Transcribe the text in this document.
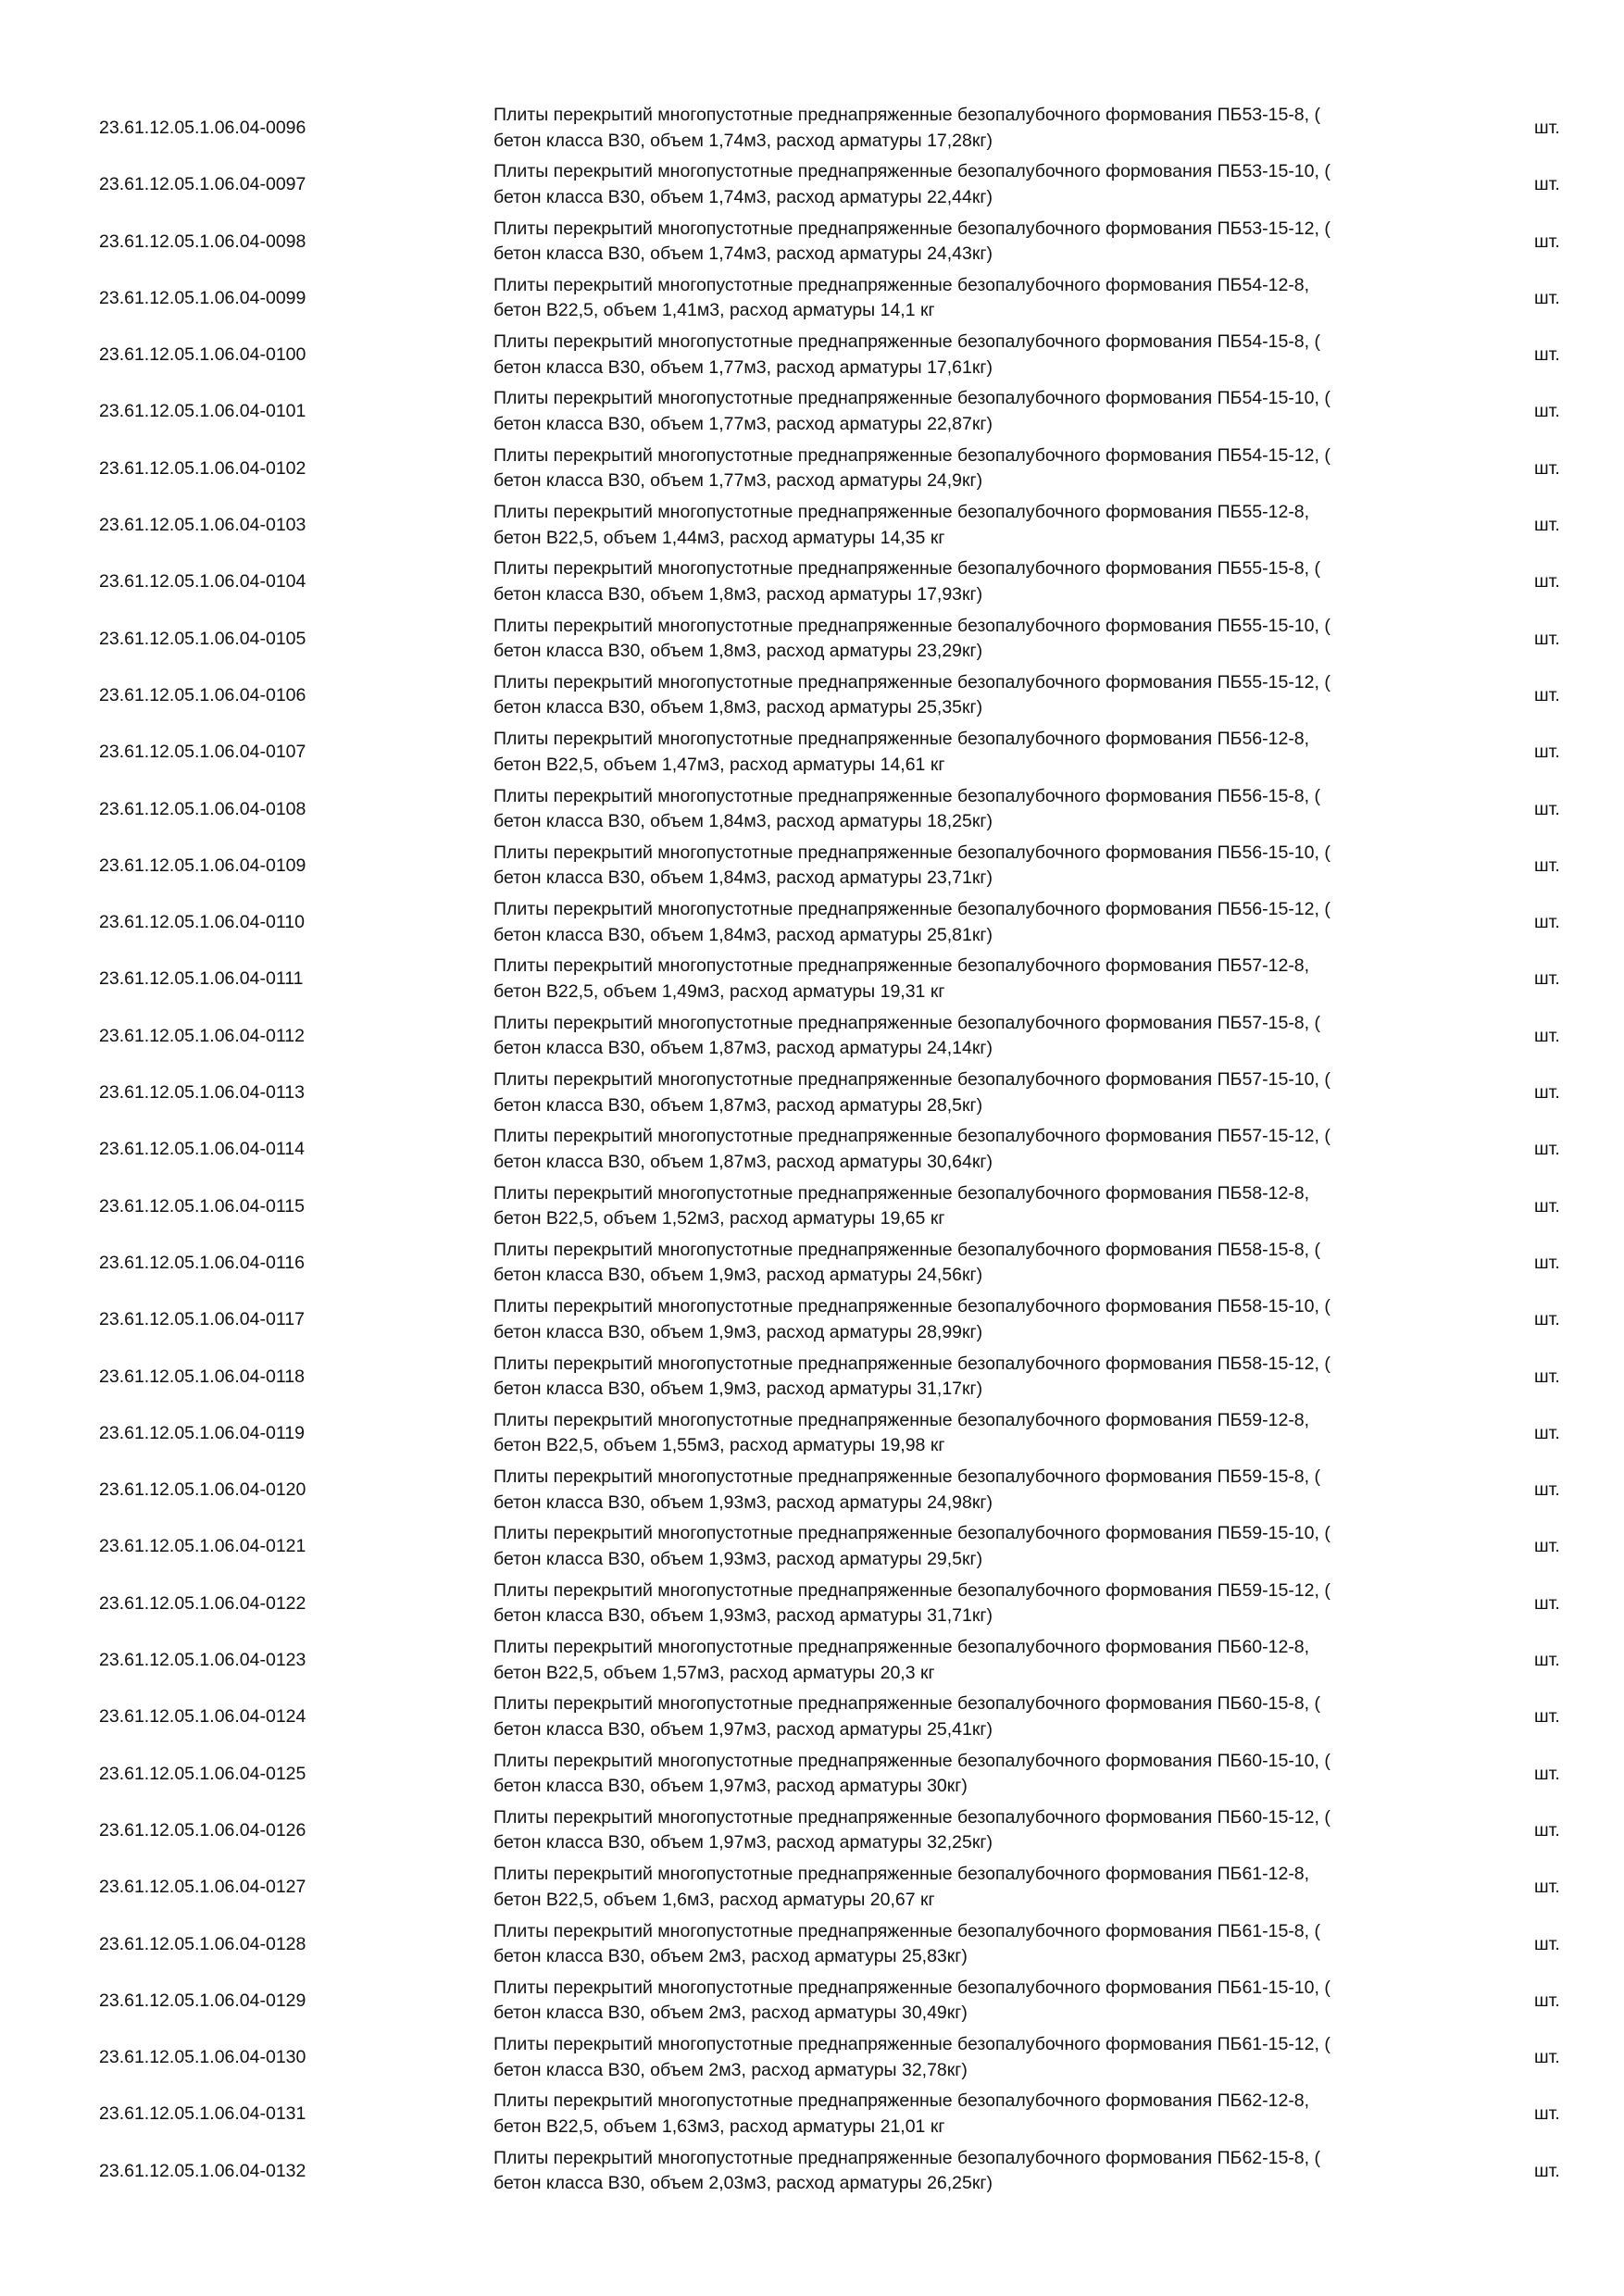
23.61.12.05.1.06.04-0096
Плиты перекрытий многопустотные преднапряженные безопалубочного формования ПБ53-15-8, (
бетон класса В30, объем 1,74м3, расход арматуры 17,28кг)
шт.
23.61.12.05.1.06.04-0097
Плиты перекрытий многопустотные преднапряженные безопалубочного формования ПБ53-15-10, (
бетон класса В30, объем 1,74м3, расход арматуры 22,44кг)
шт.
23.61.12.05.1.06.04-0098
Плиты перекрытий многопустотные преднапряженные безопалубочного формования ПБ53-15-12, (
бетон класса В30, объем 1,74м3, расход арматуры 24,43кг)
шт.
23.61.12.05.1.06.04-0099
Плиты перекрытий многопустотные преднапряженные безопалубочного формования ПБ54-12-8,
бетон В22,5, объем 1,41м3, расход арматуры 14,1 кг
шт.
23.61.12.05.1.06.04-0100
Плиты перекрытий многопустотные преднапряженные безопалубочного формования ПБ54-15-8, (
бетон класса В30, объем 1,77м3, расход арматуры 17,61кг)
шт.
23.61.12.05.1.06.04-0101
Плиты перекрытий многопустотные преднапряженные безопалубочного формования ПБ54-15-10, (
бетон класса В30, объем 1,77м3, расход арматуры 22,87кг)
шт.
23.61.12.05.1.06.04-0102
Плиты перекрытий многопустотные преднапряженные безопалубочного формования ПБ54-15-12, (
бетон класса В30, объем 1,77м3, расход арматуры 24,9кг)
шт.
23.61.12.05.1.06.04-0103
Плиты перекрытий многопустотные преднапряженные безопалубочного формования ПБ55-12-8,
бетон В22,5, объем 1,44м3, расход арматуры 14,35 кг
шт.
23.61.12.05.1.06.04-0104
Плиты перекрытий многопустотные преднапряженные безопалубочного формования ПБ55-15-8, (
бетон класса В30, объем 1,8м3, расход арматуры 17,93кг)
шт.
23.61.12.05.1.06.04-0105
Плиты перекрытий многопустотные преднапряженные безопалубочного формования ПБ55-15-10, (
бетон класса В30, объем 1,8м3, расход арматуры 23,29кг)
шт.
23.61.12.05.1.06.04-0106
Плиты перекрытий многопустотные преднапряженные безопалубочного формования ПБ55-15-12, (
бетон класса В30, объем 1,8м3, расход арматуры 25,35кг)
шт.
23.61.12.05.1.06.04-0107
Плиты перекрытий многопустотные преднапряженные безопалубочного формования ПБ56-12-8,
бетон В22,5, объем 1,47м3, расход арматуры 14,61 кг
шт.
23.61.12.05.1.06.04-0108
Плиты перекрытий многопустотные преднапряженные безопалубочного формования ПБ56-15-8, (
бетон класса В30, объем 1,84м3, расход арматуры 18,25кг)
шт.
23.61.12.05.1.06.04-0109
Плиты перекрытий многопустотные преднапряженные безопалубочного формования ПБ56-15-10, (
бетон класса В30, объем 1,84м3, расход арматуры 23,71кг)
шт.
23.61.12.05.1.06.04-0110
Плиты перекрытий многопустотные преднапряженные безопалубочного формования ПБ56-15-12, (
бетон класса В30, объем 1,84м3, расход арматуры 25,81кг)
шт.
23.61.12.05.1.06.04-0111
Плиты перекрытий многопустотные преднапряженные безопалубочного формования ПБ57-12-8,
бетон В22,5, объем 1,49м3, расход арматуры 19,31 кг
шт.
23.61.12.05.1.06.04-0112
Плиты перекрытий многопустотные преднапряженные безопалубочного формования ПБ57-15-8, (
бетон класса В30, объем 1,87м3, расход арматуры 24,14кг)
шт.
23.61.12.05.1.06.04-0113
Плиты перекрытий многопустотные преднапряженные безопалубочного формования ПБ57-15-10, (
бетон класса В30, объем 1,87м3, расход арматуры 28,5кг)
шт.
23.61.12.05.1.06.04-0114
Плиты перекрытий многопустотные преднапряженные безопалубочного формования ПБ57-15-12, (
бетон класса В30, объем 1,87м3, расход арматуры 30,64кг)
шт.
23.61.12.05.1.06.04-0115
Плиты перекрытий многопустотные преднапряженные безопалубочного формования ПБ58-12-8,
бетон В22,5, объем 1,52м3, расход арматуры 19,65 кг
шт.
23.61.12.05.1.06.04-0116
Плиты перекрытий многопустотные преднапряженные безопалубочного формования ПБ58-15-8, (
бетон класса В30, объем 1,9м3, расход арматуры 24,56кг)
шт.
23.61.12.05.1.06.04-0117
Плиты перекрытий многопустотные преднапряженные безопалубочного формования ПБ58-15-10, (
бетон класса В30, объем 1,9м3, расход арматуры 28,99кг)
шт.
23.61.12.05.1.06.04-0118
Плиты перекрытий многопустотные преднапряженные безопалубочного формования ПБ58-15-12, (
бетон класса В30, объем 1,9м3, расход арматуры 31,17кг)
шт.
23.61.12.05.1.06.04-0119
Плиты перекрытий многопустотные преднапряженные безопалубочного формования ПБ59-12-8,
бетон В22,5, объем 1,55м3, расход арматуры 19,98 кг
шт.
23.61.12.05.1.06.04-0120
Плиты перекрытий многопустотные преднапряженные безопалубочного формования ПБ59-15-8, (
бетон класса В30, объем 1,93м3, расход арматуры 24,98кг)
шт.
23.61.12.05.1.06.04-0121
Плиты перекрытий многопустотные преднапряженные безопалубочного формования ПБ59-15-10, (
бетон класса В30, объем 1,93м3, расход арматуры 29,5кг)
шт.
23.61.12.05.1.06.04-0122
Плиты перекрытий многопустотные преднапряженные безопалубочного формования ПБ59-15-12, (
бетон класса В30, объем 1,93м3, расход арматуры 31,71кг)
шт.
23.61.12.05.1.06.04-0123
Плиты перекрытий многопустотные преднапряженные безопалубочного формования ПБ60-12-8,
бетон В22,5, объем 1,57м3, расход арматуры 20,3 кг
шт.
23.61.12.05.1.06.04-0124
Плиты перекрытий многопустотные преднапряженные безопалубочного формования ПБ60-15-8, (
бетон класса В30, объем 1,97м3, расход арматуры 25,41кг)
шт.
23.61.12.05.1.06.04-0125
Плиты перекрытий многопустотные преднапряженные безопалубочного формования ПБ60-15-10, (
бетон класса В30, объем 1,97м3, расход арматуры 30кг)
шт.
23.61.12.05.1.06.04-0126
Плиты перекрытий многопустотные преднапряженные безопалубочного формования ПБ60-15-12, (
бетон класса В30, объем 1,97м3, расход арматуры 32,25кг)
шт.
23.61.12.05.1.06.04-0127
Плиты перекрытий многопустотные преднапряженные безопалубочного формования ПБ61-12-8,
бетон В22,5, объем 1,6м3, расход арматуры 20,67 кг
шт.
23.61.12.05.1.06.04-0128
Плиты перекрытий многопустотные преднапряженные безопалубочного формования ПБ61-15-8, (
бетон класса В30, объем 2м3, расход арматуры 25,83кг)
шт.
23.61.12.05.1.06.04-0129
Плиты перекрытий многопустотные преднапряженные безопалубочного формования ПБ61-15-10, (
бетон класса В30, объем 2м3, расход арматуры 30,49кг)
шт.
23.61.12.05.1.06.04-0130
Плиты перекрытий многопустотные преднапряженные безопалубочного формования ПБ61-15-12, (
бетон класса В30, объем 2м3, расход арматуры 32,78кг)
шт.
23.61.12.05.1.06.04-0131
Плиты перекрытий многопустотные преднапряженные безопалубочного формования ПБ62-12-8,
бетон В22,5, объем 1,63м3, расход арматуры 21,01 кг
шт.
23.61.12.05.1.06.04-0132
Плиты перекрытий многопустотные преднапряженные безопалубочного формования ПБ62-15-8, (
бетон класса В30, объем 2,03м3, расход арматуры 26,25кг)
шт.
